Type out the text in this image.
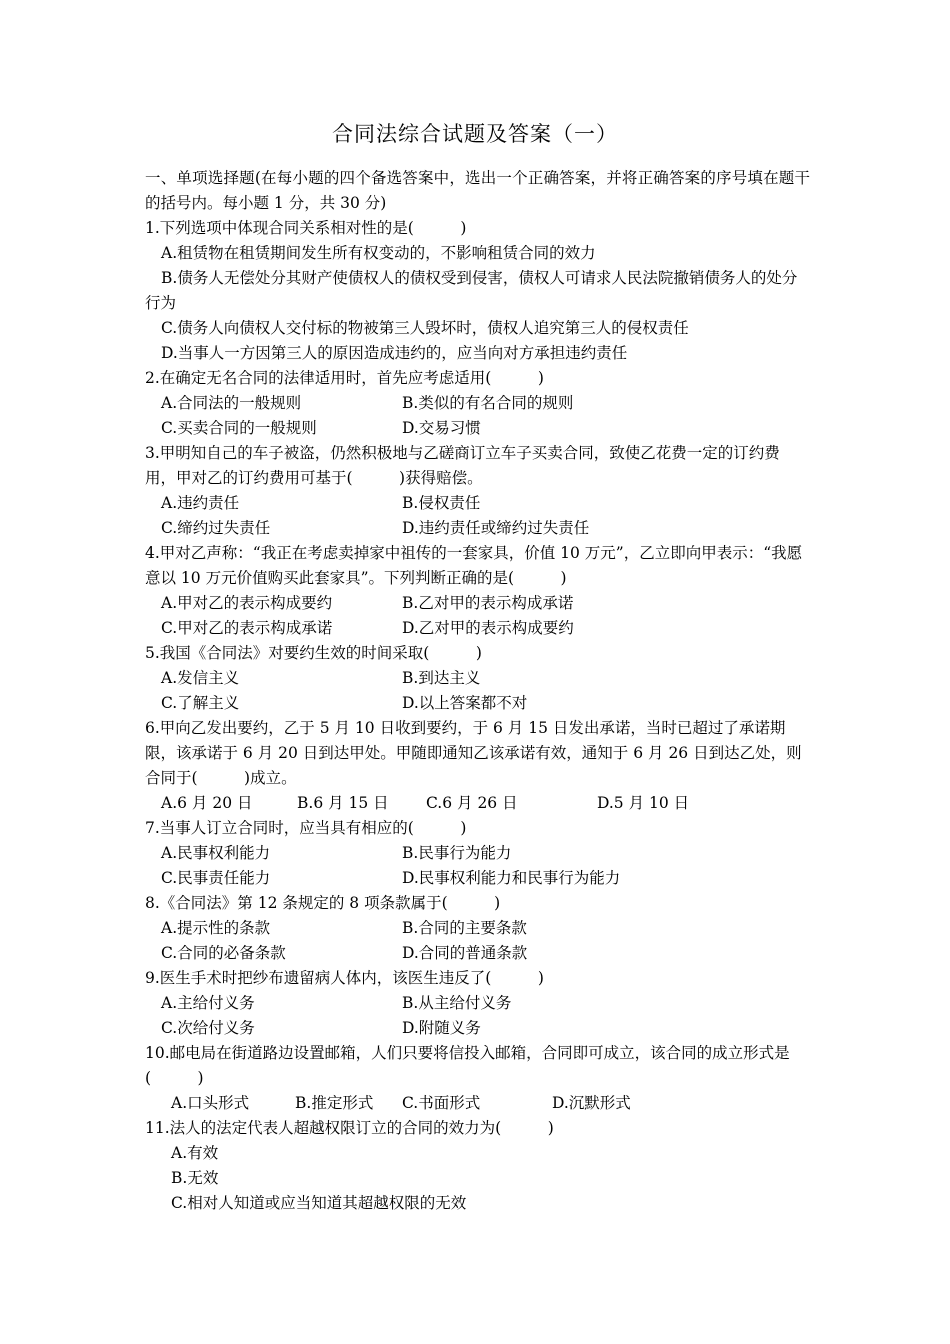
合同法综合试题及答案（一）
一、单项选择题(在每小题的四个备选答案中，选出一个正确答案，并将正确答案的序号填在题干的括号内。每小题 1 分，共 30 分)
1.下列选项中体现合同关系相对性的是(　　　)
A.租赁物在租赁期间发生所有权变动的，不影响租赁合同的效力
B.债务人无偿处分其财产使债权人的债权受到侵害，债权人可请求人民法院撤销债务人的处分行为
C.债务人向债权人交付标的物被第三人毁坏时，债权人追究第三人的侵权责任
D.当事人一方因第三人的原因造成违约的，应当向对方承担违约责任
2.在确定无名合同的法律适用时，首先应考虑适用(　　　)
A.合同法的一般规则	B.类似的有名合同的规则
C.买卖合同的一般规则	D.交易习惯
3.甲明知自己的车子被盗，仍然积极地与乙磋商订立车子买卖合同，致使乙花费一定的订约费用，甲对乙的订约费用可基于(　　　)获得赔偿。
A.违约责任	B.侵权责任
C.缔约过失责任	D.违约责任或缔约过失责任
4.甲对乙声称：“我正在考虑卖掉家中祖传的一套家具，价值 10 万元”，乙立即向甲表示：“我愿意以 10 万元价值购买此套家具”。下列判断正确的是(　　　)
A.甲对乙的表示构成要约	B.乙对甲的表示构成承诺
C.甲对乙的表示构成承诺	D.乙对甲的表示构成要约
5.我国《合同法》对要约生效的时间采取(　　　)
A.发信主义	B.到达主义
C.了解主义	D.以上答案都不对
6.甲向乙发出要约，乙于 5 月 10 日收到要约，于 6 月 15 日发出承诺，当时已超过了承诺期限，该承诺于 6 月 20 日到达甲处。甲随即通知乙该承诺有效，通知于 6 月 26 日到达乙处，则合同于(　　　)成立。
A.6 月 20 日	B.6 月 15 日 C.6 月 26 日	D.5 月 10 日
7.当事人订立合同时，应当具有相应的(　　　)
A.民事权利能力	B.民事行为能力
C.民事责任能力	D.民事权利能力和民事行为能力
8.《合同法》第 12 条规定的 8 项条款属于(　　　)
A.提示性的条款	B.合同的主要条款
C.合同的必备条款	D.合同的普通条款
9.医生手术时把纱布遗留病人体内，该医生违反了(　　　)
A.主给付义务	B.从主给付义务
C.次给付义务	D.附随义务
10.邮电局在街道路边设置邮箱，人们只要将信投入邮箱，合同即可成立，该合同的成立形式是(　　　)
A.口头形式	B.推定形式 C.书面形式	D.沉默形式
11.法人的法定代表人超越权限订立的合同的效力为(　　　)
A.有效
B.无效
C.相对人知道或应当知道其超越权限的无效
